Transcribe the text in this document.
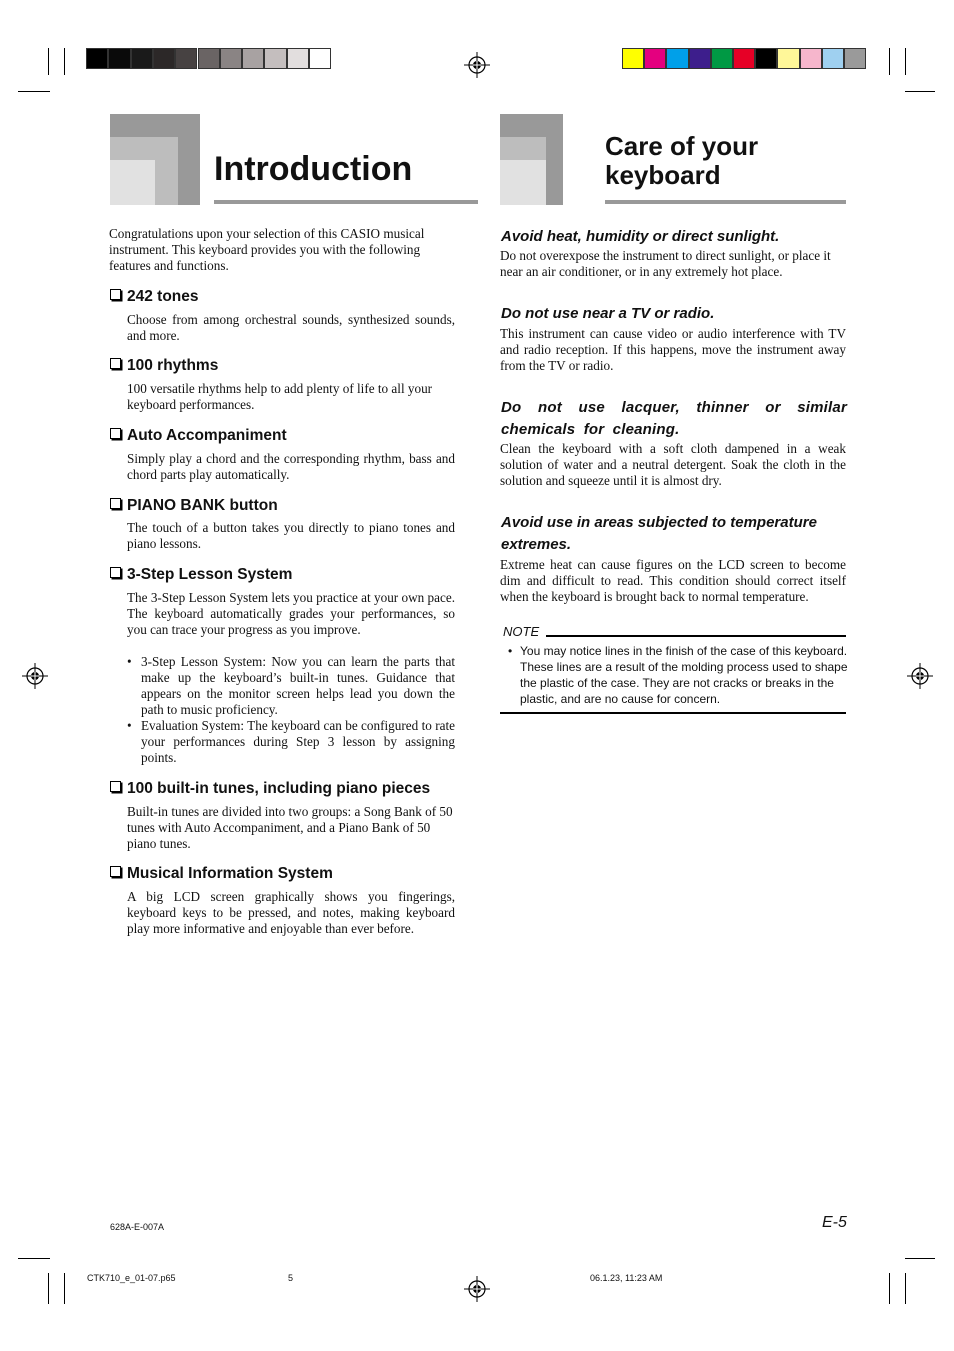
Introduction
Congratulations upon your selection of this CASIO musical instrument. This keyboard provides you with the following features and functions.
242 tones
Choose from among orchestral sounds, synthesized sounds, and more.
100 rhythms
100 versatile rhythms help to add plenty of life to all your keyboard performances.
Auto Accompaniment
Simply play a chord and the corresponding rhythm, bass and chord parts play automatically.
PIANO BANK button
The touch of a button takes you directly to piano tones and piano lessons.
3-Step Lesson System
The 3-Step Lesson System lets you practice at your own pace. The keyboard automatically grades your performances, so you can trace your progress as you improve.
• 3-Step Lesson System: Now you can learn the parts that make up the keyboard’s built-in tunes. Guidance that appears on the monitor screen helps lead you down the path to music proficiency.
• Evaluation System: The keyboard can be configured to rate your performances during Step 3 lesson by assigning points.
100 built-in tunes, including piano pieces
Built-in tunes are divided into two groups: a Song Bank of 50 tunes with Auto Accompaniment, and a Piano Bank of 50 piano tunes.
Musical Information System
A big LCD screen graphically shows you fingerings, keyboard keys to be pressed, and notes, making keyboard play more informative and enjoyable than ever before.
Care of your
keyboard
Avoid heat, humidity or direct sunlight.
Do not overexpose the instrument to direct sunlight, or place it near an air conditioner, or in any extremely hot place.
Do not use near a TV or radio.
This instrument can cause video or audio interference with TV and radio reception. If this happens, move the instrument away from the TV or radio.
Do not use lacquer, thinner or similar chemicals for cleaning.
Clean the keyboard with a soft cloth dampened in a weak solution of water and a neutral detergent. Soak the cloth in the solution and squeeze until it is almost dry.
Avoid use in areas subjected to temperature extremes.
Extreme heat can cause figures on the LCD screen to become dim and difficult to read. This condition should correct itself when the keyboard is brought back to normal temperature.
NOTE
• You may notice lines in the finish of the case of this keyboard. These lines are a result of the molding process used to shape the plastic of the case. They are not cracks or breaks in the plastic, and are no cause for concern.
628A-E-007A	E-5
CTK710_e_01-07.p65	5	06.1.23, 11:23 AM
